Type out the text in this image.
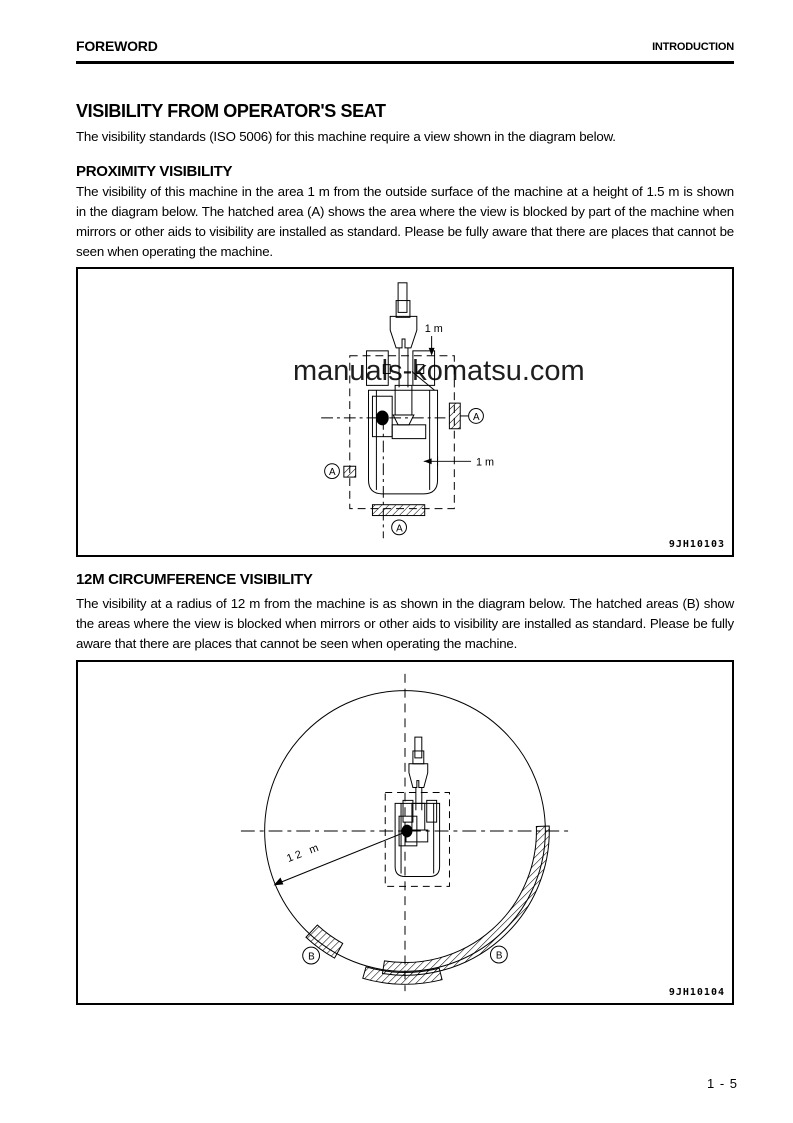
FOREWORD	INTRODUCTION
VISIBILITY FROM OPERATOR'S SEAT
The visibility standards (ISO 5006) for this machine require a view shown in the diagram below.
PROXIMITY VISIBILITY
The visibility of this machine in the area 1 m from the outside surface of the machine at a height of 1.5 m is shown in the diagram below. The hatched area (A) shows the area where the view is blocked by part of the machine when mirrors or other aids to visibility are installed as standard. Please be fully aware that there are places that cannot be seen when operating the machine.
manuals-komatsu.com
1 m
1 m
A
A
A
9JH10103
12M CIRCUMFERENCE VISIBILITY
The visibility at a radius of 12 m from the machine is as shown in the diagram below. The hatched areas (B) show the areas where the view is blocked when mirrors or other aids to visibility are installed as standard. Please be fully aware that there are places that cannot be seen when operating the machine.
12 m
B
B
9JH10104
1 - 5
